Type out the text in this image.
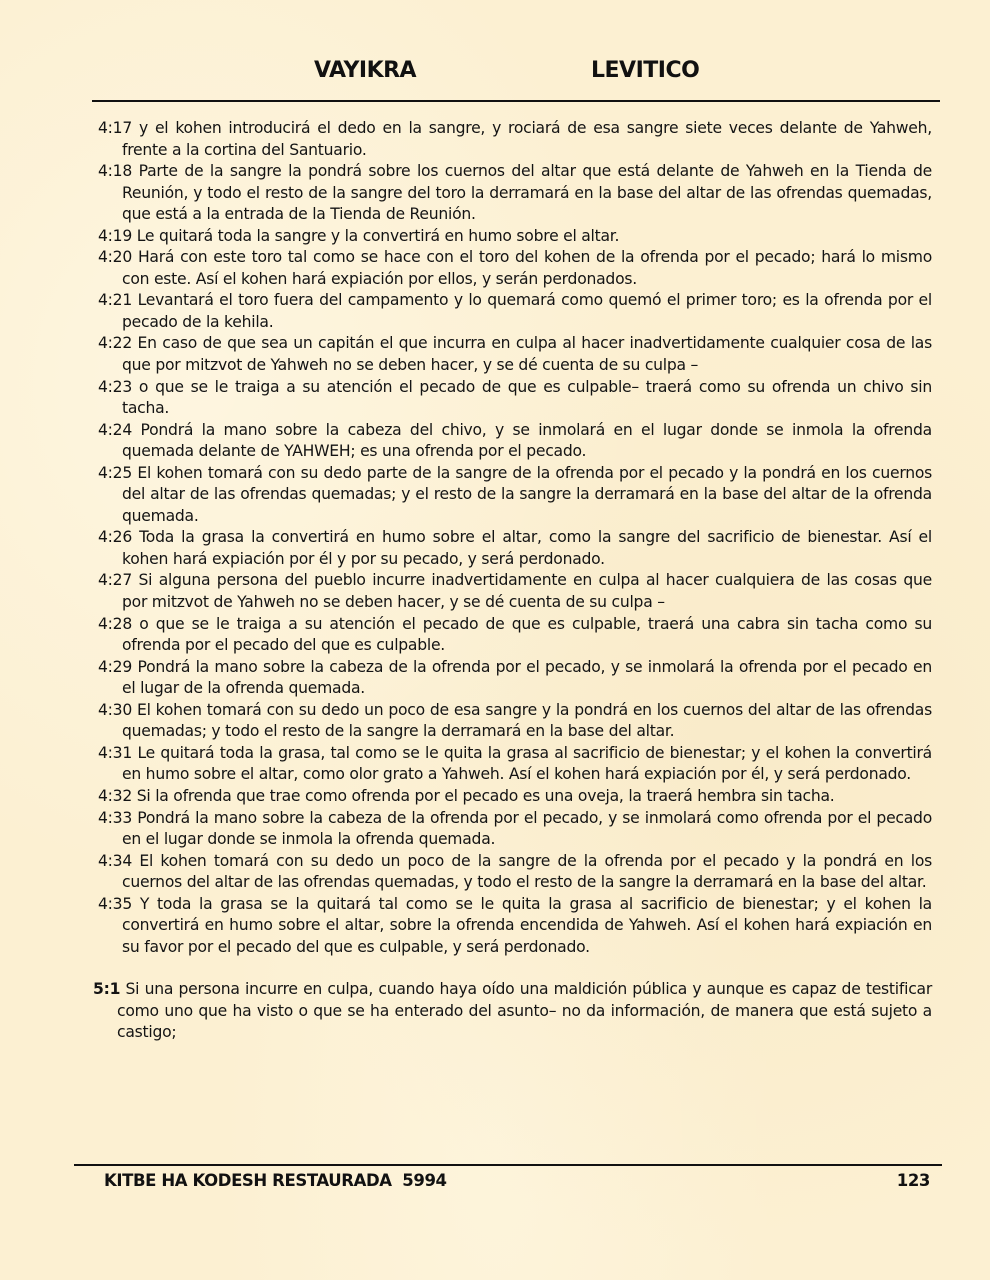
VAYIKRA	LEVITICO

4:17 y el kohen introducirá el dedo en la sangre, y rociará de esa sangre siete veces delante de Yahweh, frente a la cortina del Santuario.

4:18 Parte de la sangre la pondrá sobre los cuernos del altar que está delante de Yahweh en la Tienda de Reunión, y todo el resto de la sangre del toro la derramará en la base del altar de las ofrendas quemadas, que está a la entrada de la Tienda de Reunión.

4:19 Le quitará toda la sangre y la convertirá en humo sobre el altar.

4:20 Hará con este toro tal como se hace con el toro del kohen de la ofrenda por el pecado; hará lo mismo con este. Así el kohen hará expiación por ellos, y serán perdonados.

4:21 Levantará el toro fuera del campamento y lo quemará como quemó el primer toro; es la ofrenda por el pecado de la kehila.

4:22 En caso de que sea un capitán el que incurra en culpa al hacer inadvertidamente cualquier cosa de las que por mitzvot de Yahweh no se deben hacer, y se dé cuenta de su culpa –

4:23 o que se le traiga a su atención el pecado de que es culpable– traerá como su ofrenda un chivo sin tacha.

4:24 Pondrá la mano sobre la cabeza del chivo, y se inmolará en el lugar donde se inmola la ofrenda quemada delante de YAHWEH; es una ofrenda por el pecado.

4:25 El kohen tomará con su dedo parte de la sangre de la ofrenda por el pecado y la pondrá en los cuernos del altar de las ofrendas quemadas; y el resto de la sangre la derramará en la base del altar de la ofrenda quemada.

4:26 Toda la grasa la convertirá en humo sobre el altar, como la sangre del sacrificio de bienestar. Así el kohen hará expiación por él y por su pecado, y será perdonado.

4:27 Si alguna persona del pueblo incurre inadvertidamente en culpa al hacer cualquiera de las cosas que por mitzvot de Yahweh no se deben hacer, y se dé cuenta de su culpa –

4:28 o que se le traiga a su atención el pecado de que es culpable, traerá una cabra sin tacha como su ofrenda por el pecado del que es culpable.

4:29 Pondrá la mano sobre la cabeza de la ofrenda por el pecado, y se inmolará la ofrenda por el pecado en el lugar de la ofrenda quemada.

4:30 El kohen tomará con su dedo un poco de esa sangre y la pondrá en los cuernos del altar de las ofrendas quemadas; y todo el resto de la sangre la derramará en la base del altar.

4:31 Le quitará toda la grasa, tal como se le quita la grasa al sacrificio de bienestar; y el kohen la convertirá en humo sobre el altar, como olor grato a Yahweh. Así el kohen hará expiación por él, y será perdonado.

4:32 Si la ofrenda que trae como ofrenda por el pecado es una oveja, la traerá hembra sin tacha.

4:33 Pondrá la mano sobre la cabeza de la ofrenda por el pecado, y se inmolará como ofrenda por el pecado en el lugar donde se inmola la ofrenda quemada.

4:34 El kohen tomará con su dedo un poco de la sangre de la ofrenda por el pecado y la pondrá en los cuernos del altar de las ofrendas quemadas, y todo el resto de la sangre la derramará en la base del altar.

4:35 Y toda la grasa se la quitará tal como se le quita la grasa al sacrificio de bienestar; y el kohen la convertirá en humo sobre el altar, sobre la ofrenda encendida de Yahweh. Así el kohen hará expiación en su favor por el pecado del que es culpable, y será perdonado.

5:1 Si una persona incurre en culpa, cuando haya oído una maldición pública y aunque es capaz de testificar como uno que ha visto o que se ha enterado del asunto– no da información, de manera que está sujeto a castigo;

KITBE HA KODESH RESTAURADA  5994	123
